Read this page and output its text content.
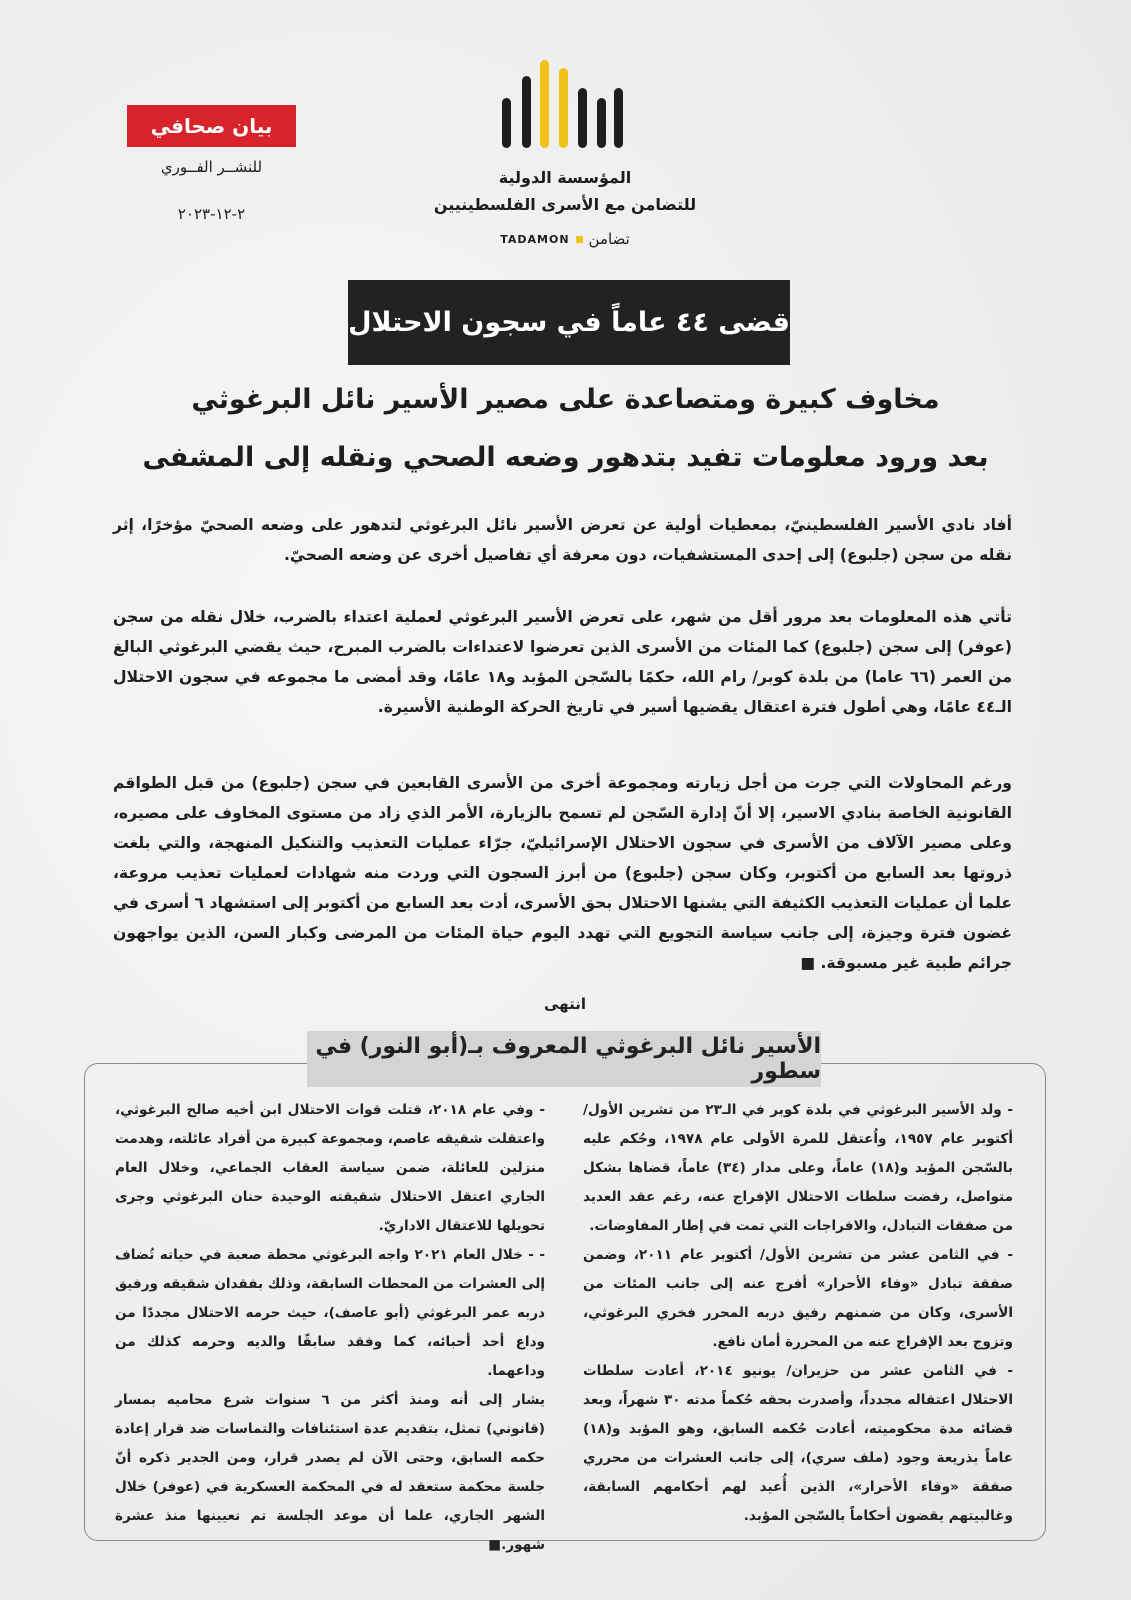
بيان صحافي
للنشــر الفــوري
٢-١٢-٢٠٢٣
المؤسسة الدولية
للتضامن مع الأسرى الفلسطينيين
TADAMON تضامن
قضى ٤٤ عاماً في سجون الاحتلال
مخاوف كبيرة ومتصاعدة على مصير الأسير نائل البرغوثي
بعد ورود معلومات تفيد بتدهور وضعه الصحي ونقله إلى المشفى
أفاد نادي الأسير الفلسطينيّ، بمعطيات أولية عن تعرض الأسير نائل البرغوثي لتدهور على وضعه الصحيّ مؤخرًا، إثر نقله من سجن (جلبوع) إلى إحدى المستشفيات، دون معرفة أي تفاصيل أخرى عن وضعه الصحيّ.
تأتي هذه المعلومات بعد مرور أقل من شهر، على تعرض الأسير البرغوثي لعملية اعتداء بالضرب، خلال نقله من سجن (عوفر) إلى سجن (جلبوع) كما المئات من الأسرى الذين تعرضوا لاعتداءات بالضرب المبرح، حيث يقضي البرغوثي البالغ من العمر (٦٦ عاما) من بلدة كوبر/ رام الله، حكمًا بالسّجن المؤبد و١٨ عامًا، وقد أمضى ما مجموعه في سجون الاحتلال الـ٤٤ عامًا، وهي أطول فترة اعتقال يقضيها أسير في تاريخ الحركة الوطنية الأسيرة.
ورغم المحاولات التي جرت من أجل زيارته ومجموعة أخرى من الأسرى القابعين في سجن (جلبوع) من قبل الطواقم القانونية الخاصة بنادي الاسير، إلا أنّ إدارة السّجن لم تسمح بالزيارة، الأمر الذي زاد من مستوى المخاوف على مصيره، وعلى مصير الآلاف من الأسرى في سجون الاحتلال الإسرائيليّ، جرّاء عمليات التعذيب والتنكيل المنهجة، والتي بلغت ذروتها بعد السابع من أكتوبر، وكان سجن (جلبوع) من أبرز السجون التي وردت منه شهادات لعمليات تعذيب مروعة، علما أن عمليات التعذيب الكثيفة التي يشنها الاحتلال بحق الأسرى، أدت بعد السابع من أكتوبر إلى استشهاد ٦ أسرى في غضون فترة وجيزة، إلى جانب سياسة التجويع التي تهدد اليوم حياة المئات من المرضى وكبار السن، الذين يواجهون جرائم طبية غير مسبوقة. ■
انتهى
الأسير نائل البرغوثي المعروف بـ(أبو النور) في سطور

- ولد الأسير البرغوثي في بلدة كوبر في الـ٢٣ من تشرين الأول/ أكتوبر عام ١٩٥٧، واُعتقل للمرة الأولى عام ١٩٧٨، وحُكم عليه بالسّجن المؤبد و(١٨) عاماً، وعلى مدار (٣٤) عاماً، قضاها بشكل متواصل، رفضت سلطات الاحتلال الإفراج عنه، رغم عقد العديد من صفقات التبادل، والافراجات التي تمت في إطار المفاوضات.

- في الثامن عشر من تشرين الأول/ أكتوبر عام ٢٠١١، وضمن صفقة تبادل «وفاء الأحرار» أفرج عنه إلى جانب المئات من الأسرى، وكان من ضمنهم رفيق دربه المحرر فخري البرغوثي، وتزوج بعد الإفراج عنه من المحررة أمان نافع.

- في الثامن عشر من حزيران/ يونيو ٢٠١٤، أعادت سلطات الاحتلال اعتقاله مجدداً، وأصدرت بحقه حُكماً مدته ٣٠ شهراً، وبعد قضائه مدة محكوميته، أعادت حُكمه السابق، وهو المؤبد و(١٨) عاماً بذريعة وجود (ملف سري)، إلى جانب العشرات من محرري صفقة «وفاء الأحرار»، الذين أُعيد لهم أحكامهم السابقة، وغالبيتهم يقضون أحكاماً بالسّجن المؤبد.

- وفي عام ٢٠١٨، قتلت قوات الاحتلال ابن أخيه صالح البرغوثي، واعتقلت شقيقه عاصم، ومجموعة كبيرة من أفراد عائلته، وهدمت منزلين للعائلة، ضمن سياسة العقاب الجماعي، وخلال العام الجاري اعتقل الاحتلال شقيقته الوحيدة حنان البرغوثي وجرى تحويلها للاعتقال الاداريّ.

- - خلال العام ٢٠٢١ واجه البرغوثي محطة صعبة في حياته تُضاف إلى العشرات من المحطات السابقة، وذلك بفقدان شقيقه ورفيق دربه عمر البرغوثي (أبو عاصف)، حيث حرمه الاحتلال مجددًا من وداع أحد أحبائه، كما وفقد سابقًا والديه وحرمه كذلك من وداعهما.

يشار إلى أنه ومنذ أكثر من ٦ سنوات شرع محاميه بمسار (قانوني) تمثل، بتقديم عدة استئنافات والتماسات ضد قرار إعادة حكمه السابق، وحتى الآن لم يصدر قرار، ومن الجدير ذكره أنّ جلسة محكمة ستعقد له في المحكمة العسكرية في (عوفر) خلال الشهر الجاري، علما أن موعد الجلسة تم تعيينها منذ عشرة شهور.■
